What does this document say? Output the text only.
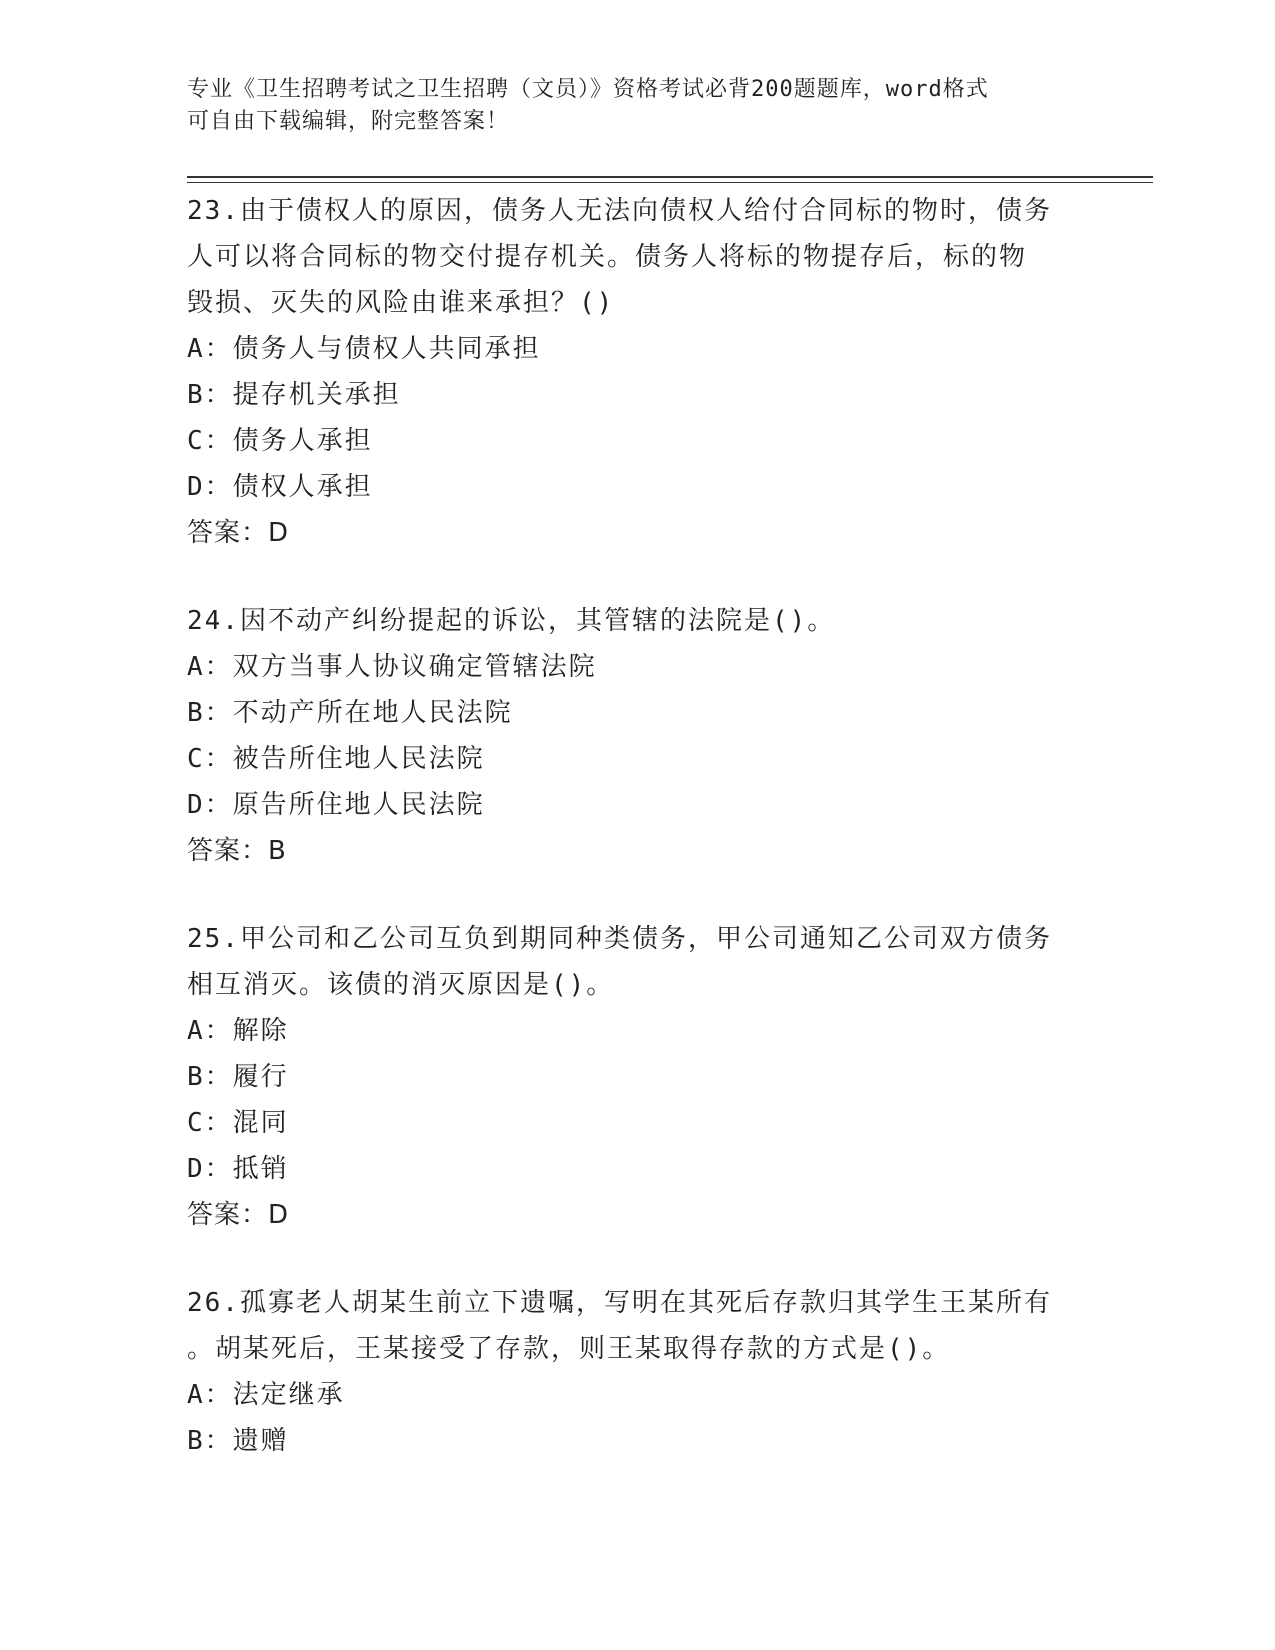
专业《卫生招聘考试之卫生招聘（文员）》资格考试必背200题题库，word格式
可自由下载编辑，附完整答案！
23.由于债权人的原因，债务人无法向债权人给付合同标的物时，债务
人可以将合同标的物交付提存机关。债务人将标的物提存后，标的物
毁损、灭失的风险由谁来承担？()
A：债务人与债权人共同承担
B：提存机关承担
C：债务人承担
D：债权人承担
答案：D
24.因不动产纠纷提起的诉讼，其管辖的法院是()。
A：双方当事人协议确定管辖法院
B：不动产所在地人民法院
C：被告所住地人民法院
D：原告所住地人民法院
答案：B
25.甲公司和乙公司互负到期同种类债务，甲公司通知乙公司双方债务
相互消灭。该债的消灭原因是()。
A：解除
B：履行
C：混同
D：抵销
答案：D
26.孤寡老人胡某生前立下遗嘱，写明在其死后存款归其学生王某所有
。胡某死后，王某接受了存款，则王某取得存款的方式是()。
A：法定继承
B：遗赠
